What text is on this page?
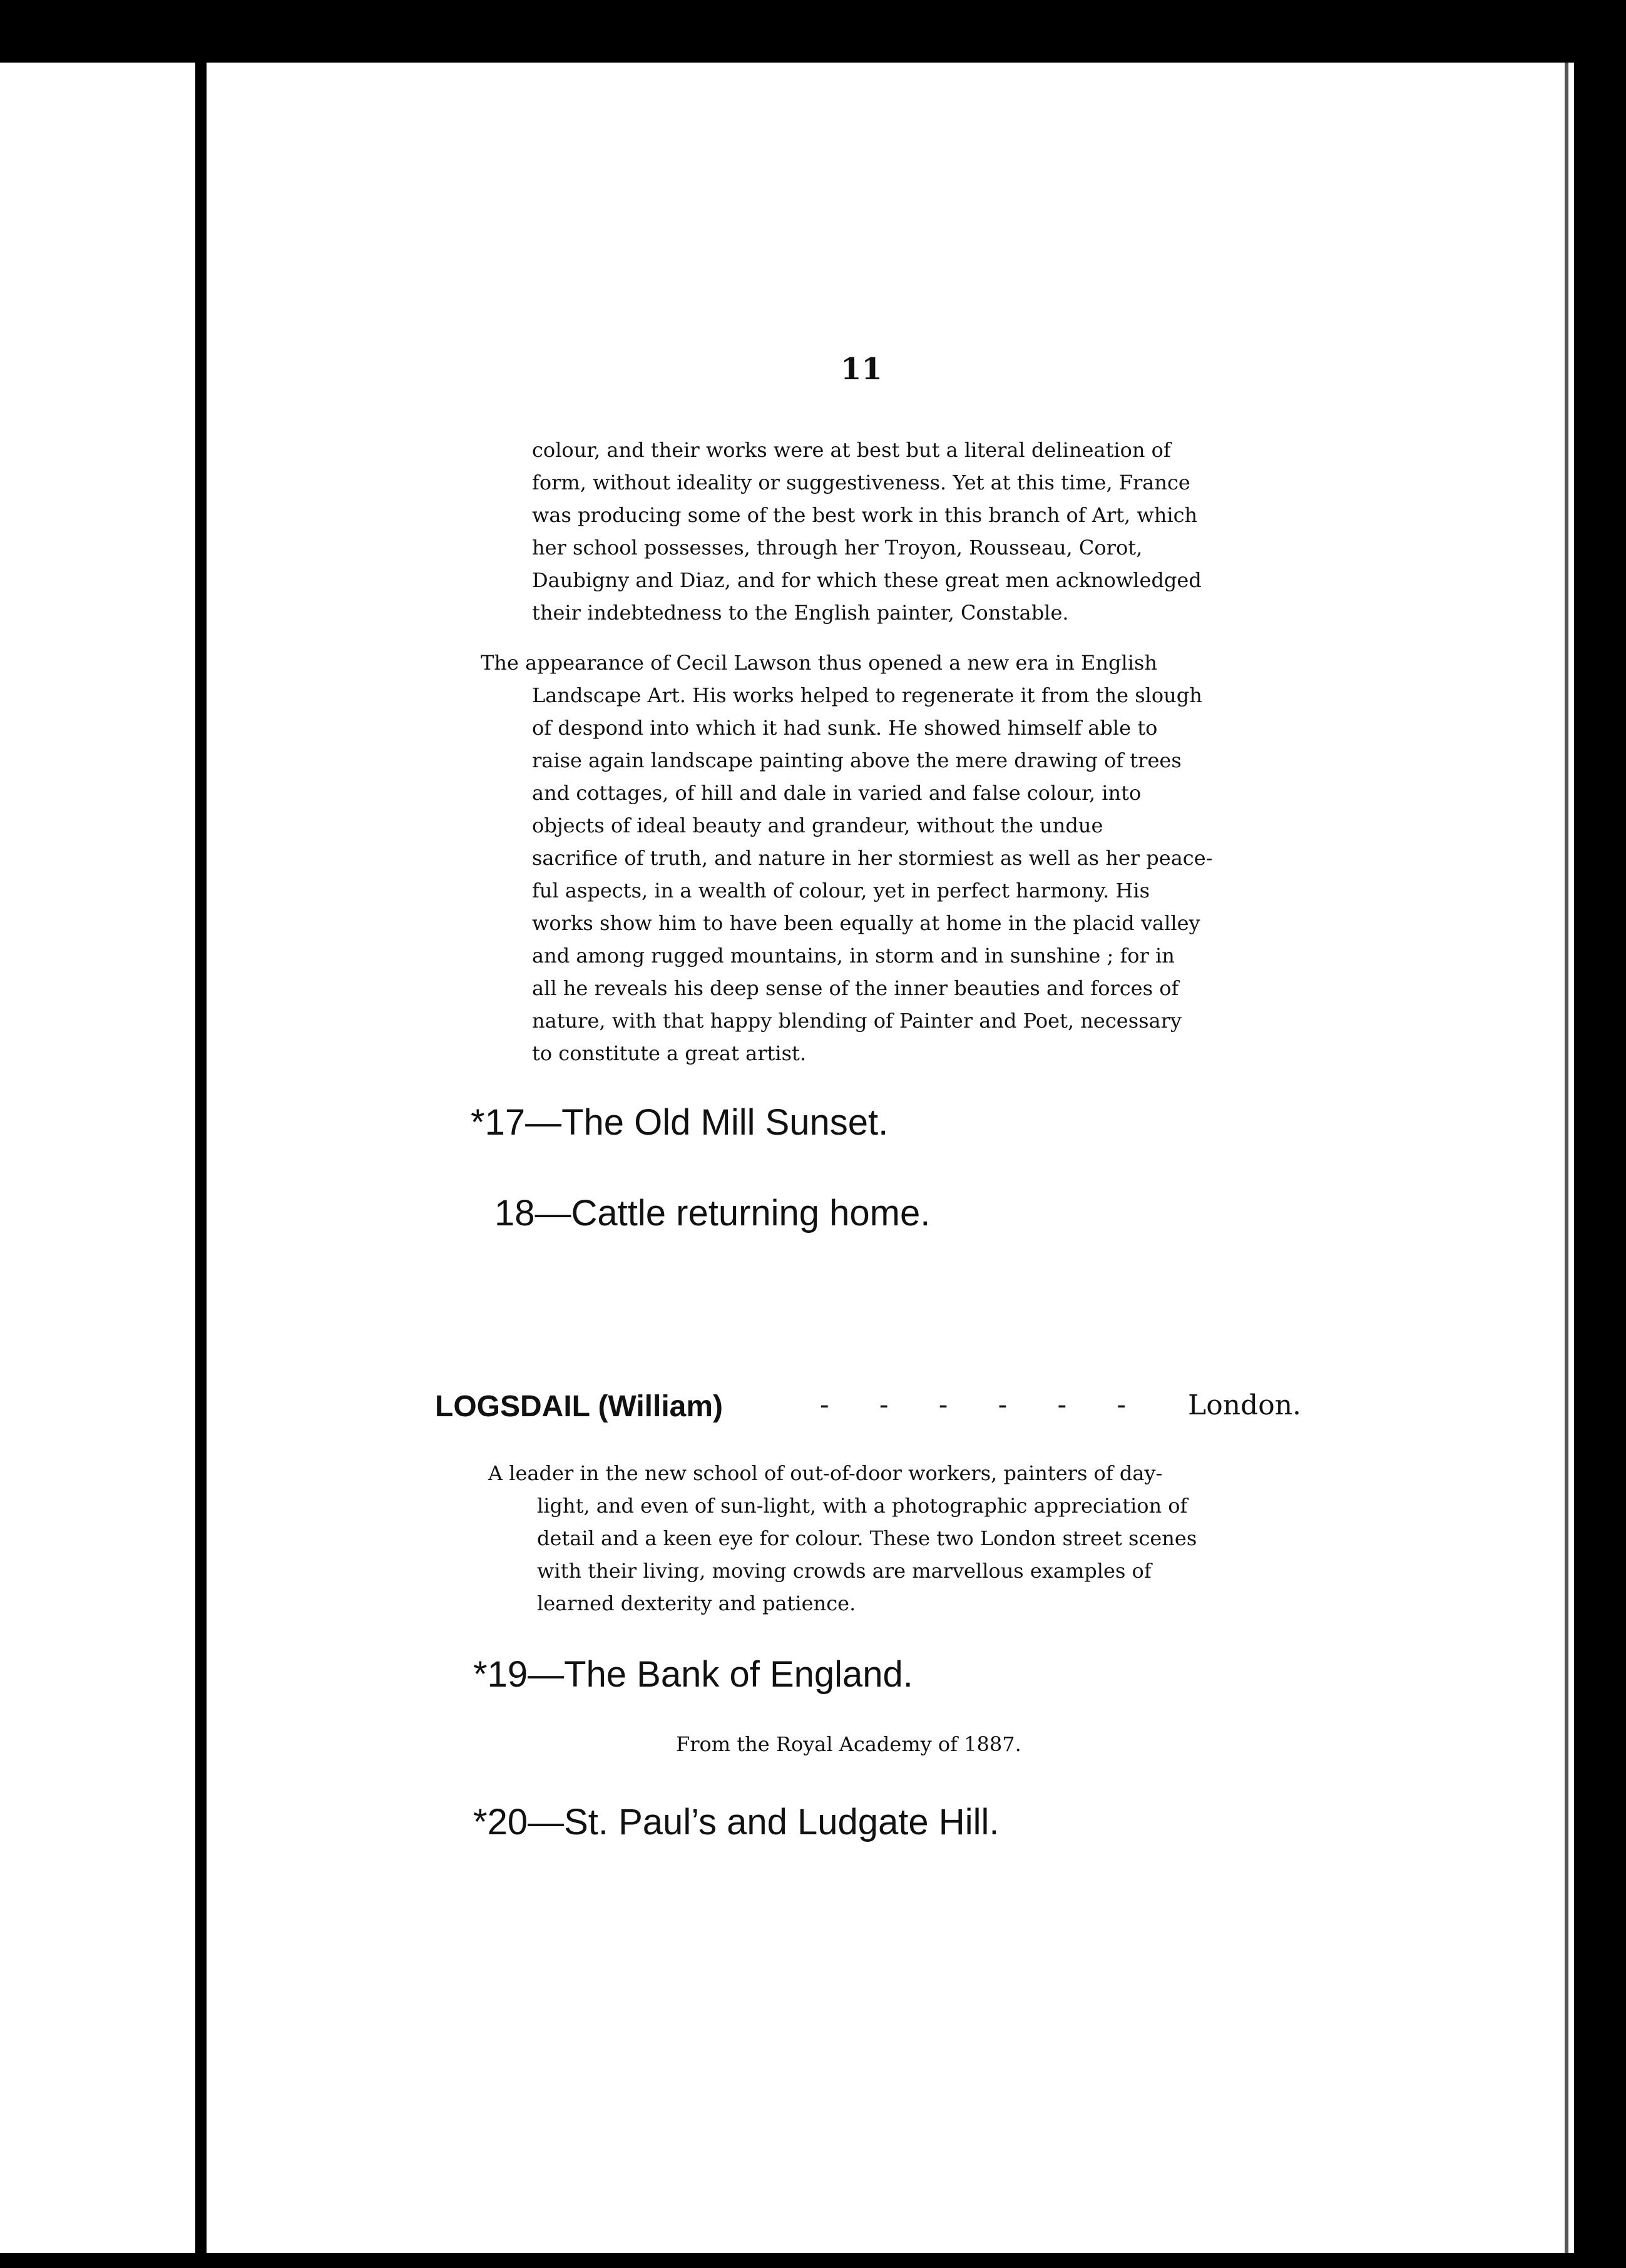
11
colour, and their works were at best but a literal delineation of
form, without ideality or suggestiveness. Yet at this time, France
was producing some of the best work in this branch of Art, which
her school possesses, through her Troyon, Rousseau, Corot,
Daubigny and Diaz, and for which these great men acknowledged
their indebtedness to the English painter, Constable.
The appearance of Cecil Lawson thus opened a new era in English
Landscape Art. His works helped to regenerate it from the slough
of despond into which it had sunk. He showed himself able to
raise again landscape painting above the mere drawing of trees
and cottages, of hill and dale in varied and false colour, into
objects of ideal beauty and grandeur, without the undue
sacrifice of truth, and nature in her stormiest as well as her peace-
ful aspects, in a wealth of colour, yet in perfect harmony. His
works show him to have been equally at home in the placid valley
and among rugged mountains, in storm and in sunshine ; for in
all he reveals his deep sense of the inner beauties and forces of
nature, with that happy blending of Painter and Poet, necessary
to constitute a great artist.
*17—The Old Mill Sunset.
18—Cattle returning home.
LOGSDAIL (William)	- - - - - - London.
A leader in the new school of out-of-door workers, painters of day-
light, and even of sun-light, with a photographic appreciation of
detail and a keen eye for colour. These two London street scenes
with their living, moving crowds are marvellous examples of
learned dexterity and patience.
*19—The Bank of England.
From the Royal Academy of 1887.
*20—St. Paul’s and Ludgate Hill.
